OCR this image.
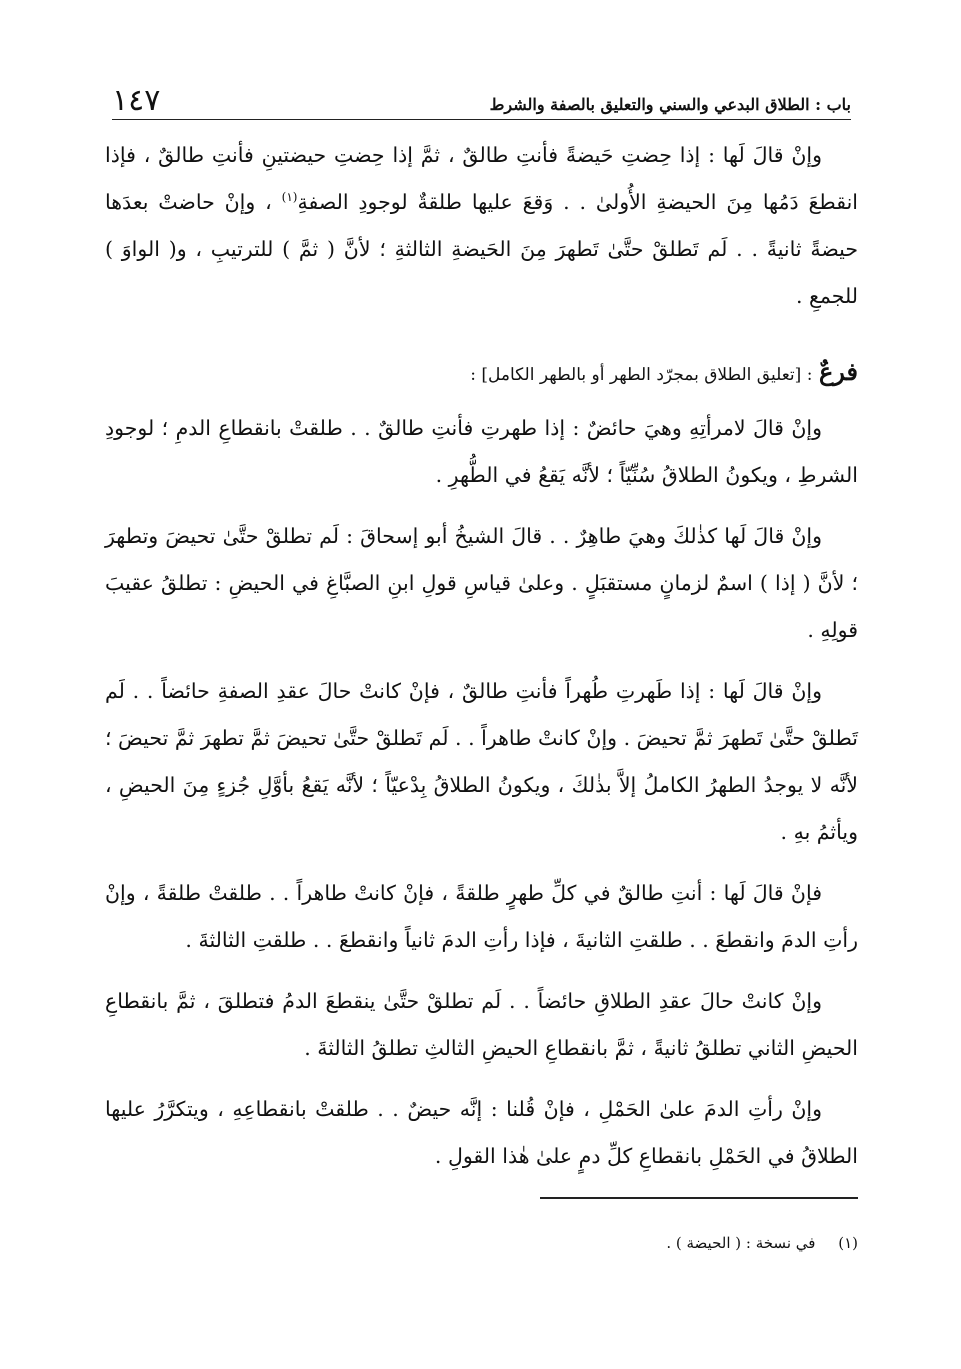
باب : الطلاق البدعي والسني والتعليق بالصفة والشرط
١٤٧

وإنْ قالَ لَها : إذا حِضتِ حَيضةً فأنتِ طالقٌ ، ثمَّ إذا حِضتِ حيضتينِ فأنتِ طالقٌ ، فإذا انقطعَ دَمُها مِنَ الحيضةِ الأُولىٰ . . وَقعَ عليها طلقةٌ لوجودِ الصفةِ$^{(١)}$ ، وإنْ حاضتْ بعدَها حيضةً ثانيةً . . لَم تَطلقْ حتَّىٰ تَطهرَ مِنَ الحَيضةِ الثالثةِ ؛ لأنَّ ( ثمَّ ) للترتيبِ ، و( الواوَ ) للجمعِ .

فرعٌ : [تعليق الطلاق بمجرّد الطهر أو بالطهر الكامل] :

وإنْ قالَ لامرأتِهِ وهيَ حائضٌ : إذا طهرتِ فأنتِ طالقٌ . . طلقتْ بانقطاعِ الدمِ ؛ لوجودِ الشرطِ ، ويكونُ الطلاقُ سُنِّيّاً ؛ لأنَّه يَقعُ في الطُّهرِ .

وإنْ قالَ لَها كذٰلكَ وهيَ طاهِرٌ . . قالَ الشيخُ أبو إسحاقَ : لَم تطلقْ حتَّىٰ تحيضَ وتطهرَ ؛ لأنَّ ( إذا ) اسمٌ لزمانٍ مستقبَلٍ . وعلىٰ قياسِ قولِ ابنِ الصبَّاغِ في الحيضِ : تطلقُ عقيبَ قولِهِ .

وإنْ قالَ لَها : إذا طَهرتِ طُهراً فأنتِ طالقٌ ، فإنْ كانتْ حالَ عقدِ الصفةِ حائضاً . . لَم تَطلقْ حتَّىٰ تَطهرَ ثمَّ تحيضَ . وإنْ كانتْ طاهراً . . لَم تَطلقْ حتَّىٰ تحيضَ ثمَّ تطهرَ ثمَّ تحيضَ ؛ لأنَّه لا يوجدُ الطهرُ الكاملُ إلاَّ بذٰلكَ ، ويكونُ الطلاقُ بِدْعيّاً ؛ لأنَّه يَقعُ بأوَّلِ جُزءٍ مِنَ الحيضِ ، ويأثمُ بهِ .

فإنْ قالَ لَها : أنتِ طالقٌ في كلِّ طهرٍ طلقةً ، فإنْ كانتْ طاهراً . . طلقتْ طلقةً ، وإنْ رأتِ الدمَ وانقطعَ . . طلقتِ الثانيةَ ، فإذا رأتِ الدمَ ثانياً وانقطعَ . . طلقتِ الثالثةَ .

وإنْ كانتْ حالَ عقدِ الطلاقِ حائضاً . . لَم تطلقْ حتَّىٰ ينقطعَ الدمُ فتطلقَ ، ثمَّ بانقطاعِ الحيضِ الثاني تطلقُ ثانيةً ، ثمَّ بانقطاعِ الحيضِ الثالثِ تطلقُ الثالثةَ .

وإنْ رأتِ الدمَ علىٰ الحَمْلِ ، فإنْ قُلنا : إنَّه حيضٌ . . طلقتْ بانقطاعِهِ ، ويتكرَّرُ عليها الطلاقُ في الحَمْلِ بانقطاعِ كلِّ دمٍ علىٰ هٰذا القولِ .

(١) في نسخة : ( الحيضة ) .
